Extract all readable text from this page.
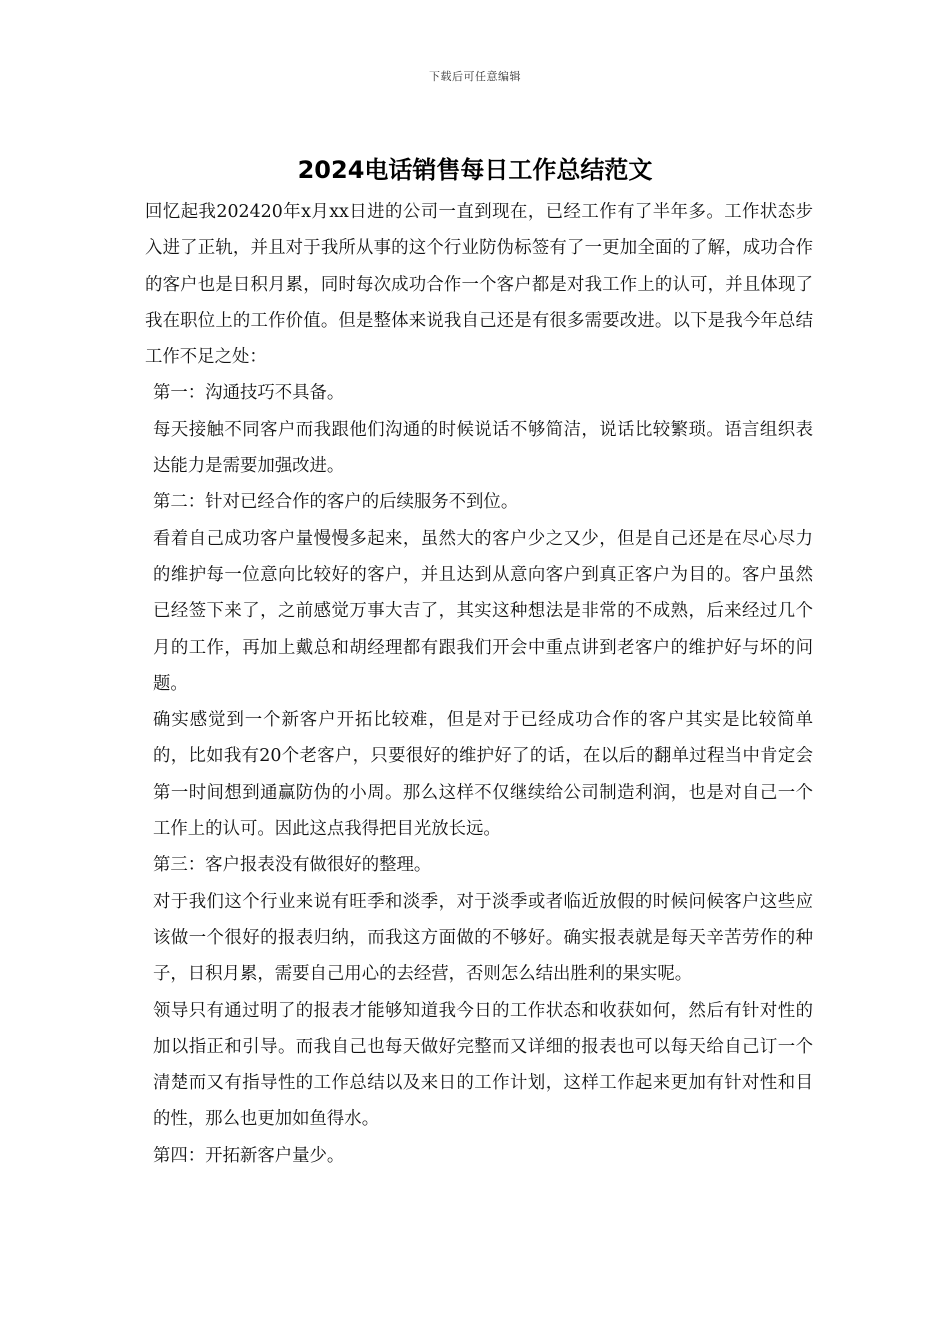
下载后可任意编辑
2024电话销售每日工作总结范文

回忆起我202420年x月xx日进的公司一直到现在，已经工作有了半年多。工作状态步入进了正轨，并且对于我所从事的这个行业防伪标签有了一更加全面的了解，成功合作的客户也是日积月累，同时每次成功合作一个客户都是对我工作上的认可，并且体现了我在职位上的工作价值。但是整体来说我自己还是有很多需要改进。以下是我今年总结工作不足之处：

第一：沟通技巧不具备。

每天接触不同客户而我跟他们沟通的时候说话不够简洁，说话比较繁琐。语言组织表达能力是需要加强改进。

第二：针对已经合作的客户的后续服务不到位。

看着自己成功客户量慢慢多起来，虽然大的客户少之又少，但是自己还是在尽心尽力的维护每一位意向比较好的客户，并且达到从意向客户到真正客户为目的。客户虽然已经签下来了，之前感觉万事大吉了，其实这种想法是非常的不成熟，后来经过几个月的工作，再加上戴总和胡经理都有跟我们开会中重点讲到老客户的维护好与坏的问题。

确实感觉到一个新客户开拓比较难，但是对于已经成功合作的客户其实是比较简单的，比如我有20个老客户，只要很好的维护好了的话，在以后的翻单过程当中肯定会第一时间想到通赢防伪的小周。那么这样不仅继续给公司制造利润，也是对自己一个工作上的认可。因此这点我得把目光放长远。

第三：客户报表没有做很好的整理。

对于我们这个行业来说有旺季和淡季，对于淡季或者临近放假的时候问候客户这些应该做一个很好的报表归纳，而我这方面做的不够好。确实报表就是每天辛苦劳作的种子，日积月累，需要自己用心的去经营，否则怎么结出胜利的果实呢。

领导只有通过明了的报表才能够知道我今日的工作状态和收获如何，然后有针对性的加以指正和引导。而我自己也每天做好完整而又详细的报表也可以每天给自己订一个清楚而又有指导性的工作总结以及来日的工作计划，这样工作起来更加有针对性和目的性，那么也更加如鱼得水。

第四：开拓新客户量少。
